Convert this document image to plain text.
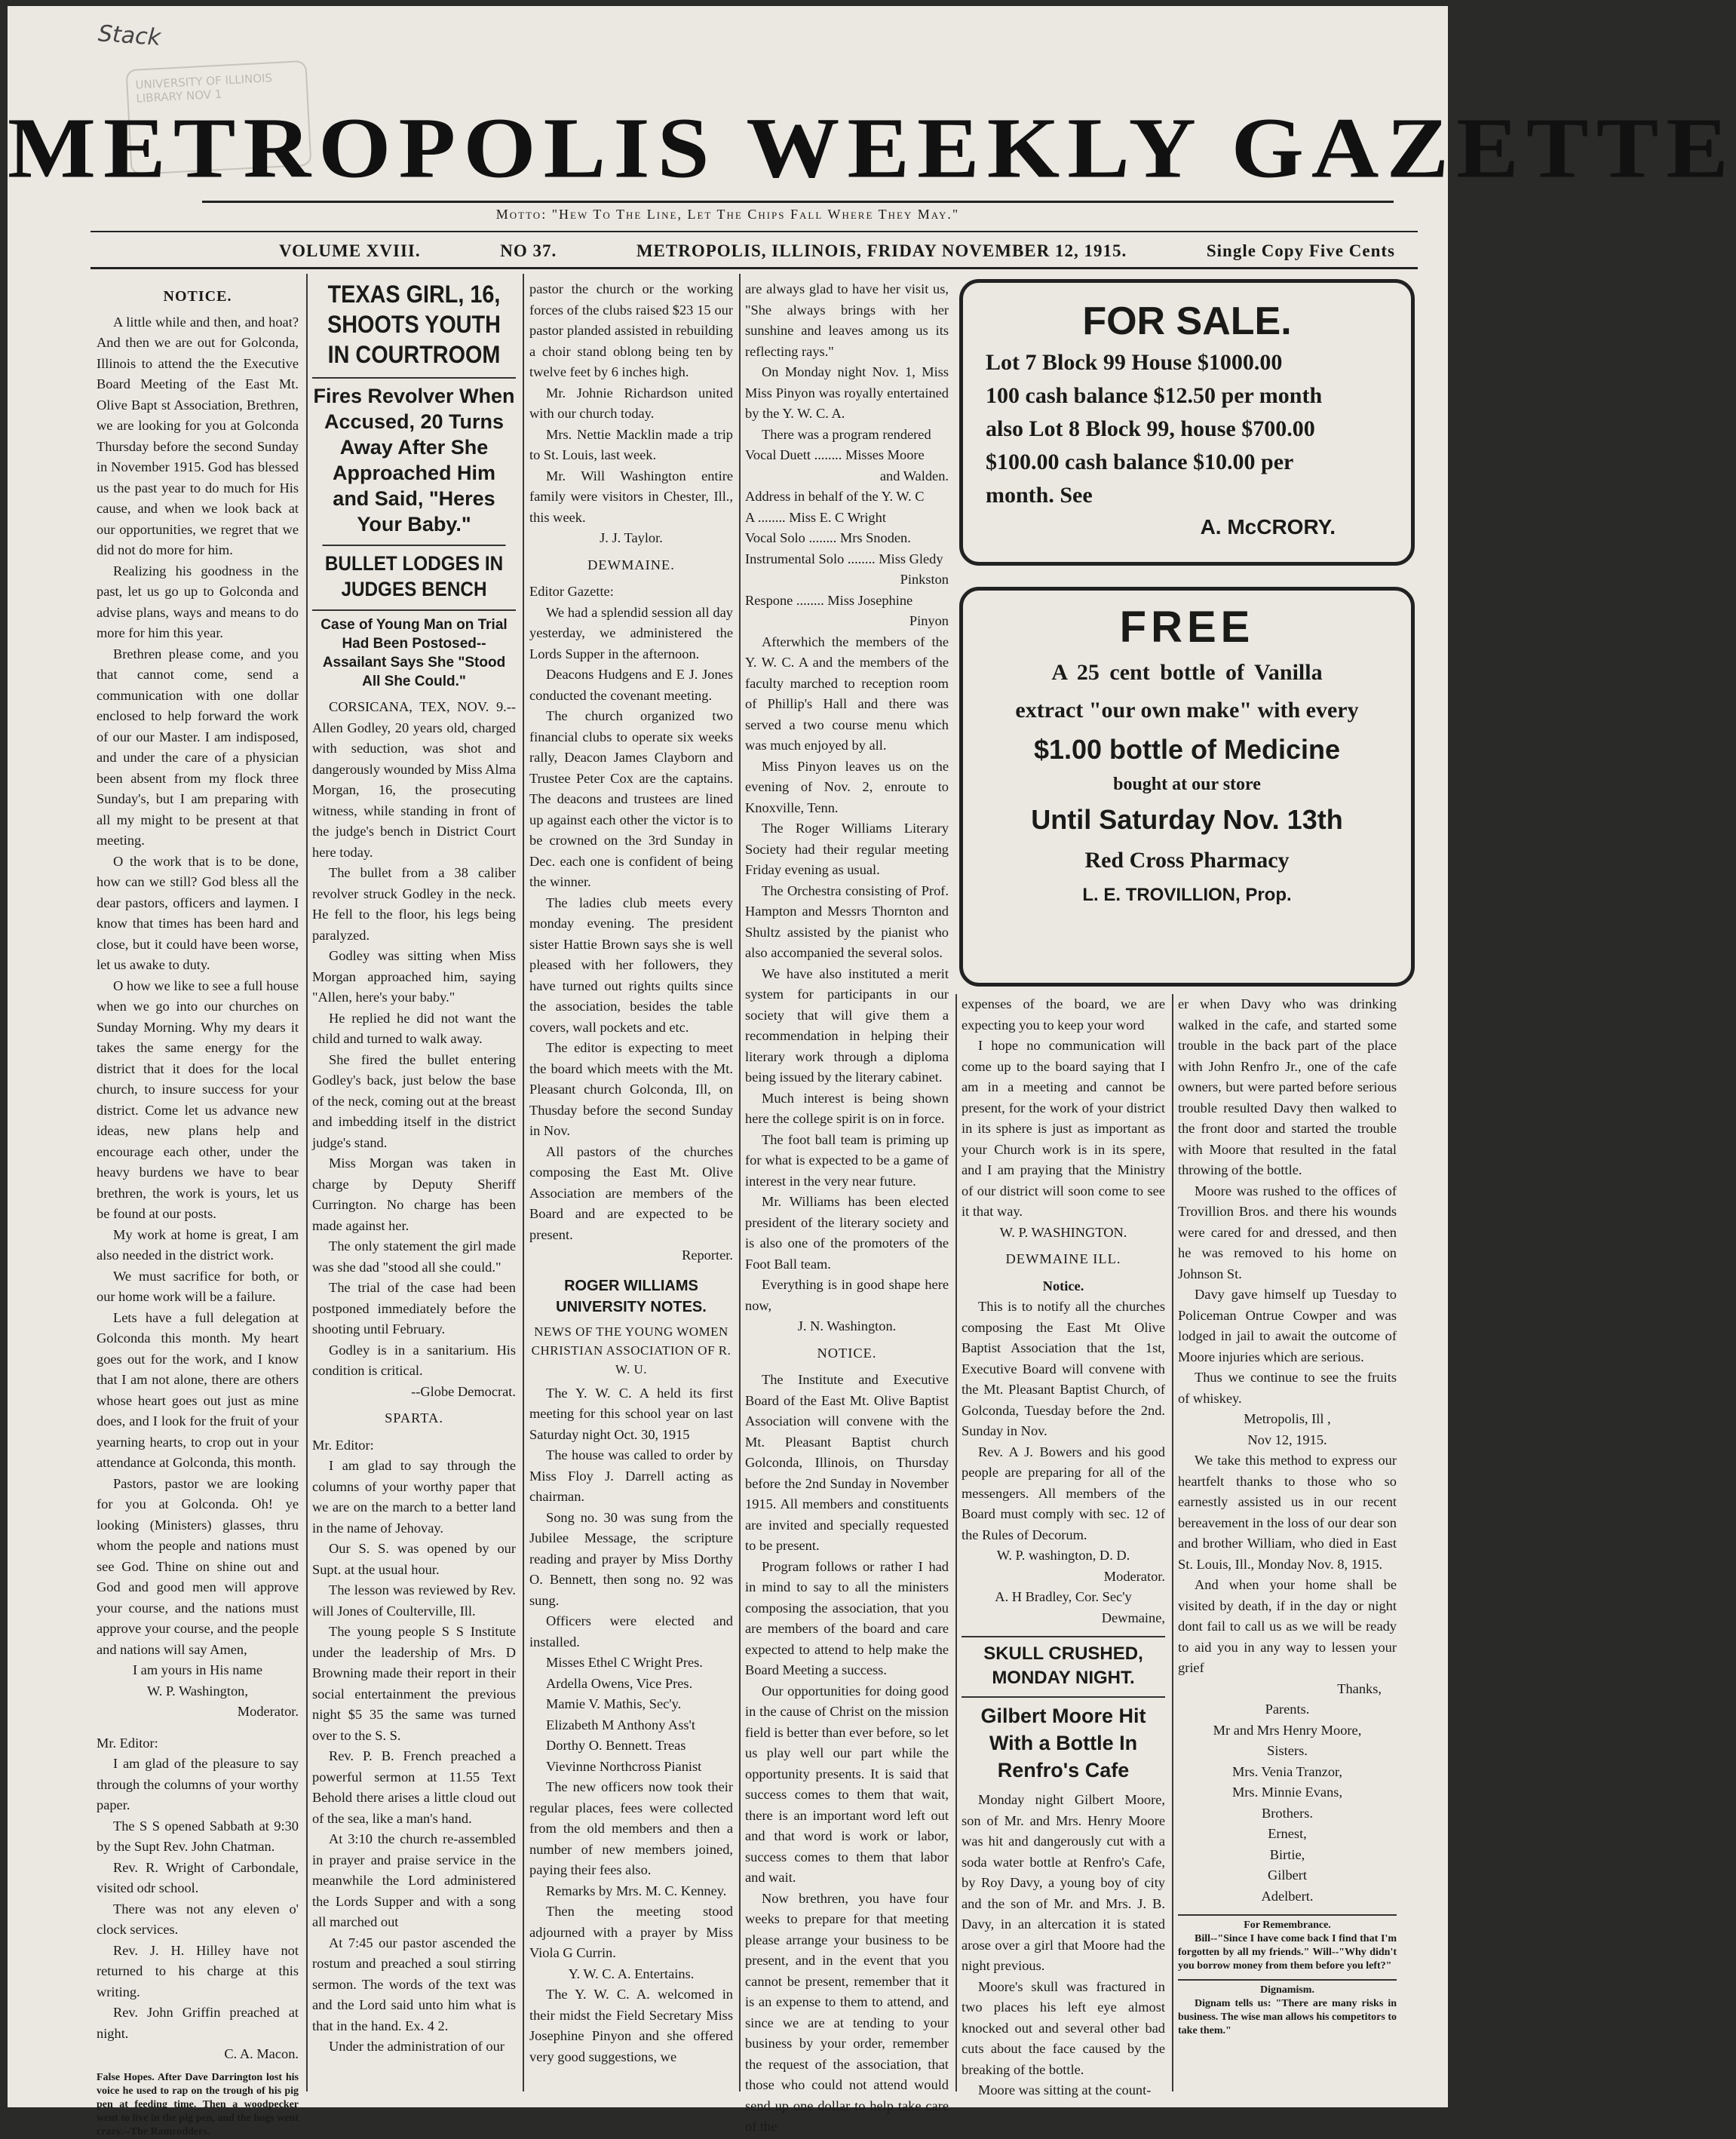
Stack
UNIVERSITY OF ILLINOIS LIBRARY NOV 1
METROPOLIS WEEKLY GAZETTE
Motto: "Hew To The Line, Let The Chips Fall Where They May."
VOLUME XVIII.	NO 37.	METROPOLIS, ILLINOIS, FRIDAY NOVEMBER 12, 1915.	Single Copy Five Cents
NOTICE.

A little while and then, and hoat? And then we are out for Golconda, Illinois to attend the the Executive Board Meeting of the East Mt. Olive Bapt st Association, Brethren, we are looking for you at Golconda Thursday before the second Sunday in November 1915. God has blessed us the past year to do much for His cause, and when we look back at our opportunities, we regret that we did not do more for him.

Realizing his goodness in the past, let us go up to Golconda and advise plans, ways and means to do more for him this year.

Brethren please come, and you that cannot come, send a communication with one dollar enclosed to help forward the work of our our Master. I am indisposed, and under the care of a physician been absent from my flock three Sunday's, but I am preparing with all my might to be present at that meeting.

O the work that is to be done, how can we still? God bless all the dear pastors, officers and laymen. I know that times has been hard and close, but it could have been worse, let us awake to duty.

O how we like to see a full house when we go into our churches on Sunday Morning. Why my dears it takes the same energy for the district that it does for the local church, to insure success for your district. Come let us advance new ideas, new plans help and encourage each other, under the heavy burdens we have to bear brethren, the work is yours, let us be found at our posts.

My work at home is great, I am also needed in the district work.

We must sacrifice for both, or our home work will be a failure.

Lets have a full delegation at Golconda this month. My heart goes out for the work, and I know that I am not alone, there are others whose heart goes out just as mine does, and I look for the fruit of your yearning hearts, to crop out in your attendance at Golconda, this month.

Pastors, pastor we are looking for you at Golconda. Oh! ye looking (Ministers) glasses, thru whom the people and nations must see God. Thine on shine out and God and good men will approve your course, and the nations must approve your course, and the people and nations will say Amen,

I am yours in His name

W. P. Washington,

Moderator.

Mr. Editor:

I am glad of the pleasure to say through the columns of your worthy paper.

The S S opened Sabbath at 9:30 by the Supt Rev. John Chatman.

Rev. R. Wright of Carbondale, visited odr school.

There was not any eleven o' clock services.

Rev. J. H. Hilley have not returned to his charge at this writing.

Rev. John Griffin preached at night.

C. A. Macon.

False Hopes. After Dave Darrington lost his voice he used to rap on the trough of his pig pen at feeding time. Then a woodpecker went to live in the pig pen, and the hogs went crazy.--The Ramrodders.

TEXAS GIRL, 16, SHOOTS YOUTH IN COURTROOM
Fires Revolver When Accused, 20 Turns Away After She Approached Him and Said, "Heres Your Baby."
BULLET LODGES IN JUDGES BENCH
Case of Young Man on Trial Had Been Postosed--Assailant Says She "Stood All She Could."

CORSICANA, TEX, NOV. 9.--Allen Godley, 20 years old, charged with seduction, was shot and dangerously wounded by Miss Alma Morgan, 16, the prosecuting witness, while standing in front of the judge's bench in District Court here today.

The bullet from a 38 caliber revolver struck Godley in the neck. He fell to the floor, his legs being paralyzed.

Godley was sitting when Miss Morgan approached him, saying "Allen, here's your baby."

He replied he did not want the child and turned to walk away.

She fired the bullet entering Godley's back, just below the base of the neck, coming out at the breast and imbedding itself in the district judge's stand.

Miss Morgan was taken in charge by Deputy Sheriff Currington. No charge has been made against her.

The only statement the girl made was she dad "stood all she could."

The trial of the case had been postponed immediately before the shooting until February.

Godley is in a sanitarium. His condition is critical.

--Globe Democrat.

SPARTA.

Mr. Editor:

I am glad to say through the columns of your worthy paper that we are on the march to a better land in the name of Jehovay.

Our S. S. was opened by our Supt. at the usual hour.

The lesson was reviewed by Rev. will Jones of Coulterville, Ill.

The young people S S Institute under the leadership of Mrs. D Browning made their report in their social entertainment the previous night $5 35 the same was turned over to the S. S.

Rev. P. B. French preached a powerful sermon at 11.55 Text Behold there arises a little cloud out of the sea, like a man's hand.

At 3:10 the church re-assembled in prayer and praise service in the meanwhile the Lord administered the Lords Supper and with a song all marched out

At 7:45 our pastor ascended the rostum and preached a soul stirring sermon. The words of the text was and the Lord said unto him what is that in the hand. Ex. 4 2.

Under the administration of our

pastor the church or the working forces of the clubs raised $23 15 our pastor planded assisted in rebuilding a choir stand oblong being ten by twelve feet by 6 inches high.

Mr. Johnie Richardson united with our church today.

Mrs. Nettie Macklin made a trip to St. Louis, last week.

Mr. Will Washington entire family were visitors in Chester, Ill., this week.

J. J. Taylor.

DEWMAINE.

Editor Gazette:

We had a splendid session all day yesterday, we administered the Lords Supper in the afternoon.

Deacons Hudgens and E J. Jones conducted the covenant meeting.

The church organized two financial clubs to operate six weeks rally, Deacon James Clayborn and Trustee Peter Cox are the captains. The deacons and trustees are lined up against each other the victor is to be crowned on the 3rd Sunday in Dec. each one is confident of being the winner.

The ladies club meets every monday evening. The president sister Hattie Brown says she is well pleased with her followers, they have turned out rights quilts since the association, besides the table covers, wall pockets and etc.

The editor is expecting to meet the board which meets with the Mt. Pleasant church Golconda, Ill, on Thusday before the second Sunday in Nov.

All pastors of the churches composing the East Mt. Olive Association are members of the Board and are expected to be present.

Reporter.

ROGER WILLIAMS UNIVERSITY NOTES.
NEWS OF THE YOUNG WOMEN CHRISTIAN ASSOCIATION OF R. W. U.

The Y. W. C. A held its first meeting for this school year on last Saturday night Oct. 30, 1915

The house was called to order by Miss Floy J. Darrell acting as chairman.

Song no. 30 was sung from the Jubilee Message, the scripture reading and prayer by Miss Dorthy O. Bennett, then song no. 92 was sung.

Officers were elected and installed.

Misses Ethel C Wright Pres.

Ardella Owens, Vice Pres.

Mamie V. Mathis, Sec'y.

Elizabeth M Anthony Ass't

Dorthy O. Bennett. Treas

Vievinne Northcross Pianist

The new officers now took their regular places, fees were collected from the old members and then a number of new members joined, paying their fees also.

Remarks by Mrs. M. C. Kenney.

Then the meeting stood adjourned with a prayer by Miss Viola G Currin.

Y. W. C. A. Entertains.

The Y. W. C. A. welcomed in their midst the Field Secretary Miss Josephine Pinyon and she offered very good suggestions, we

are always glad to have her visit us, "She always brings with her sunshine and leaves among us its reflecting rays."

On Monday night Nov. 1, Miss Miss Pinyon was royally entertained by the Y. W. C. A.

There was a program rendered

Vocal Duett ........ Misses Moore

and Walden.

Address in behalf of the Y. W. C

A ........ Miss E. C Wright

Vocal Solo ........ Mrs Snoden.

Instrumental Solo ........ Miss Gledy

Pinkston

Respone ........ Miss Josephine

Pinyon

Afterwhich the members of the Y. W. C. A and the members of the faculty marched to reception room of Phillip's Hall and there was served a two course menu which was much enjoyed by all.

Miss Pinyon leaves us on the evening of Nov. 2, enroute to Knoxville, Tenn.

The Roger Williams Literary Society had their regular meeting Friday evening as usual.

The Orchestra consisting of Prof. Hampton and Messrs Thornton and Shultz assisted by the pianist who also accompanied the several solos.

We have also instituted a merit system for participants in our society that will give them a recommendation in helping their literary work through a diploma being issued by the literary cabinet.

Much interest is being shown here the college spirit is on in force.

The foot ball team is priming up for what is expected to be a game of interest in the very near future.

Mr. Williams has been elected president of the literary society and is also one of the promoters of the Foot Ball team.

Everything is in good shape here now,

J. N. Washington.

NOTICE.

The Institute and Executive Board of the East Mt. Olive Baptist Association will convene with the Mt. Pleasant Baptist church Golconda, Illinois, on Thursday before the 2nd Sunday in November 1915. All members and constituents are invited and specially requested to be present.

Program follows or rather I had in mind to say to all the ministers composing the association, that you are members of the board and care expected to attend to help make the Board Meeting a success.

Our opportunities for doing good in the cause of Christ on the mission field is better than ever before, so let us play well our part while the opportunity presents. It is said that success comes to them that wait, there is an important word left out and that word is work or labor, success comes to them that labor and wait.

Now brethren, you have four weeks to prepare for that meeting please arrange your business to be present, and in the event that you cannot be present, remember that it is an expense to them to attend, and since we are at tending to your business by your order, remember the request of the association, that those who could not attend would send up one dollar to help take care of the

FOR SALE.
Lot 7 Block 99 House $1000.00
100 cash balance $12.50 per month
also Lot 8 Block 99, house $700.00
$100.00 cash balance $10.00 per
month. See
A. McCRORY.
FREE
A 25 cent bottle of Vanilla
extract "our own make" with every
$1.00 bottle of Medicine
bought at our store
Until Saturday Nov. 13th
Red Cross Pharmacy
L. E. TROVILLION, Prop.

expenses of the board, we are expecting you to keep your word

I hope no communication will come up to the board saying that I am in a meeting and cannot be present, for the work of your district in its sphere is just as important as your Church work is in its spere, and I am praying that the Ministry of our district will soon come to see it that way.

W. P. WASHINGTON.

DEWMAINE ILL.

Notice.

This is to notify all the churches composing the East Mt Olive Baptist Association that the 1st, Executive Board will convene with the Mt. Pleasant Baptist Church, of Golconda, Tuesday before the 2nd. Sunday in Nov.

Rev. A J. Bowers and his good people are preparing for all of the messengers. All members of the Board must comply with sec. 12 of the Rules of Decorum.

W. P. washington, D. D.

Moderator.

A. H Bradley, Cor. Sec'y

Dewmaine,

SKULL CRUSHED, MONDAY NIGHT.
Gilbert Moore Hit With a Bottle In Renfro's Cafe

Monday night Gilbert Moore, son of Mr. and Mrs. Henry Moore was hit and dangerously cut with a soda water bottle at Renfro's Cafe, by Roy Davy, a young boy of city and the son of Mr. and Mrs. J. B. Davy, in an altercation it is stated arose over a girl that Moore had the night previous.

Moore's skull was fractured in two places his left eye almost knocked out and several other bad cuts about the face caused by the breaking of the bottle.

Moore was sitting at the count-

er when Davy who was drinking walked in the cafe, and started some trouble in the back part of the place with John Renfro Jr., one of the cafe owners, but were parted before serious trouble resulted Davy then walked to the front door and started the trouble with Moore that resulted in the fatal throwing of the bottle.

Moore was rushed to the offices of Trovillion Bros. and there his wounds were cared for and dressed, and then he was removed to his home on Johnson St.

Davy gave himself up Tuesday to Policeman Ontrue Cowper and was lodged in jail to await the outcome of Moore injuries which are serious.

Thus we continue to see the fruits of whiskey.

Metropolis, Ill ,

Nov 12, 1915.

We take this method to express our heartfelt thanks to those who so earnestly assisted us in our recent bereavement in the loss of our dear son and brother William, who died in East St. Louis, Ill., Monday Nov. 8, 1915.

And when your home shall be visited by death, if in the day or night dont fail to call us as we will be ready to aid you in any way to lessen your grief

Thanks,

Parents.

Mr and Mrs Henry Moore,

Sisters.

Mrs. Venia Tranzor,

Mrs. Minnie Evans,

Brothers.

Ernest,

Birtie,

Gilbert

Adelbert.

For Remembrance.

Bill--"Since I have come back I find that I'm forgotten by all my friends." Will--"Why didn't you borrow money from them before you left?"

Dignamism.

Dignam tells us: "There are many risks in business. The wise man allows his competitors to take them."
